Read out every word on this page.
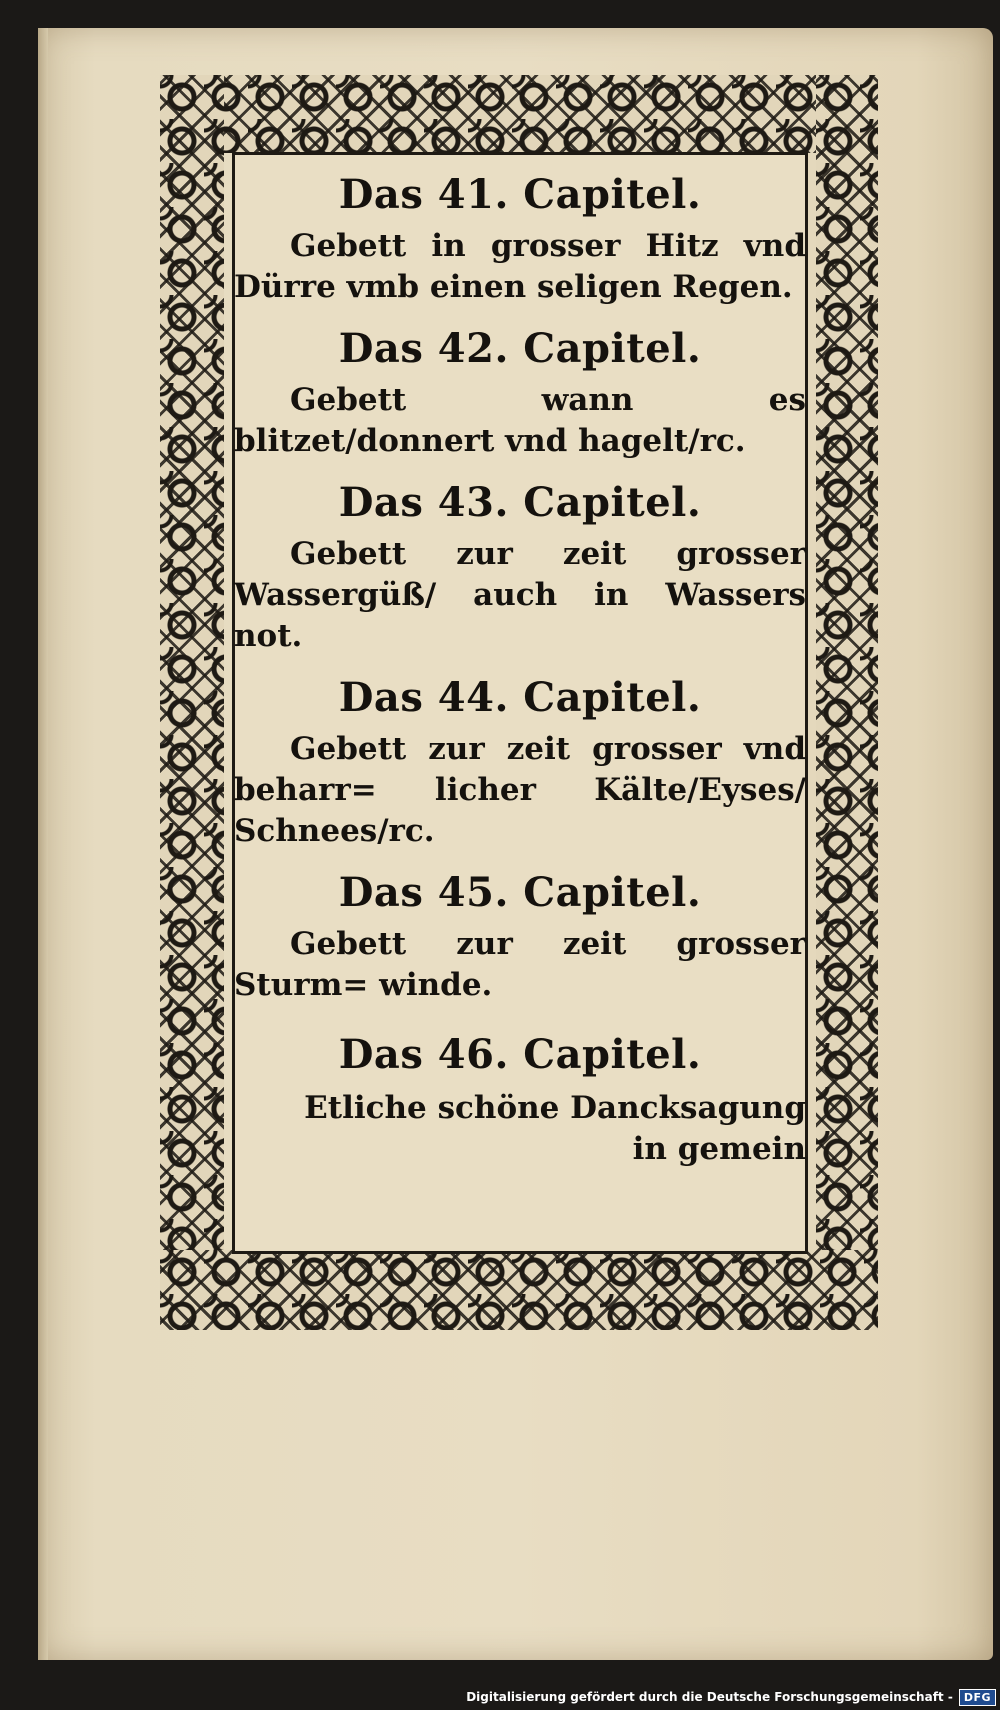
Das 41. Capitel.

Gebett in grosser Hitz vnd Dürre vmb einen seligen Regen.

Das 42. Capitel.

Gebett wann es blitzet/donnert vnd hagelt/rc.

Das 43. Capitel.

Gebett zur zeit grosser Wassergüß/ auch in Wassers not.

Das 44. Capitel.

Gebett zur zeit grosser vnd beharr= licher Kälte/Eyses/ Schnees/rc.

Das 45. Capitel.

Gebett zur zeit grosser Sturm= winde.

Das 46. Capitel.

Etliche schöne Dancksagung in gemein

Digitalisierung gefördert durch die Deutsche Forschungsgemeinschaft -	DFG
